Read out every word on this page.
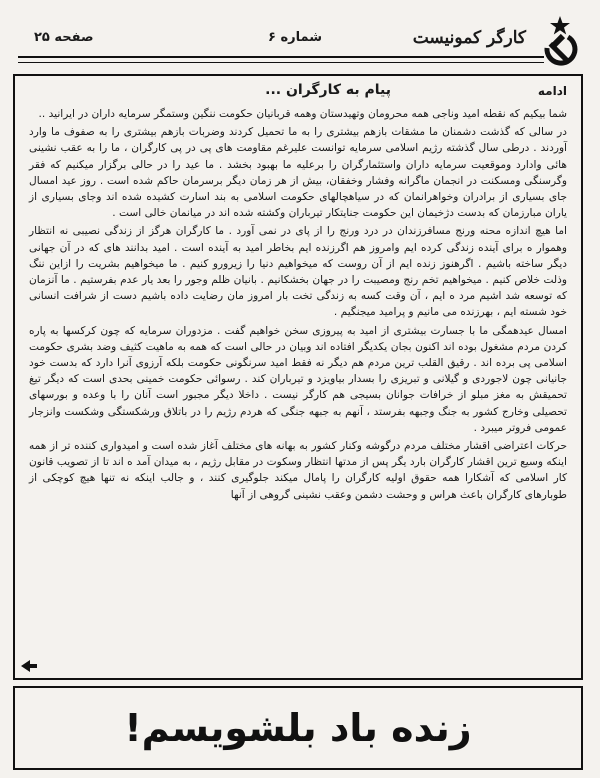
کارگر کمونیست
شماره ۶
صفحه ۲۵
ادامه
پیام به کارگران ...

شما بیکیم که نقطه امید وناجی همه محرومان وتهیدستان وهمه قربانیان حکومت ننگین وستمگر سرمایه داران در ایرانید ..

در سالی که گذشت دشمنان ما مشقات بازهم بیشتری را به ما تحمیل کردند وضربات بازهم بیشتری را به صفوف ما وارد آوردند . درطی سال گذشته رژیم اسلامی سرمایه توانست علیرغم مقاومت های پی در پی کارگران ، ما را به عقب نشینی هائی وادارد وموقعیت سرمایه داران واستثمارگران را برعلیه ما بهبود بخشد . ما عید را در حالی برگزار میکنیم که فقر وگرسنگی ومسکنت در انجمان ماگرانه وفشار وخفقان، بیش از هر زمان دیگر برسرمان حاکم شده است . روز عید امسال جای بسیاری از برادران وخواهرانمان که در سیاهچالهای حکومت اسلامی به بند اسارت کشیده شده اند وجای بسیاری از یاران مبارزمان که بدست دژخیمان این حکومت جنایتکار تیرباران وکشته شده اند در میانمان خالی است .

اما هیچ اندازه محنه ورنج مسافرزندان در درد ورنج را از پای در نمی آورد . ما کارگران هرگز از زندگی نصیبی نه انتظار وهموار ه برای آینده زندگی کرده ایم وامروز هم اگرزنده ایم بخاطر امید به آینده است . امید بدانند های که در آن جهانی دیگر ساخته باشیم . اگرهنوز زنده ایم از آن روست که میخواهیم دنیا را زیرورو کنیم . ما میخواهیم بشریت را ازاین ننگ وذلت خلاص کنیم . میخواهیم تخم رنج ومصیبت را در جهان بخشکانیم . بانیان ظلم وجور را بعد یار عدم بفرستیم . ما آنزمان که توسعه شد اشیم مرد ه ایم ، آن وقت کسه به زندگی تخت بار امروز مان رضایت داده باشیم دست از شرافت انسانی خود شسته ایم ، بهرزنده می مانیم و پرامید میجنگیم .

امسال عیدهمگی ما با جسارت بیشتری از امید به پیروزی سخن خواهیم گفت . مزدوران سرمایه که چون کرکسها به پاره کردن مردم مشغول بوده اند اکنون بجان یکدیگر افتاده اند وبیان در حالی است که همه به ماهیت کثیف وضد بشری حکومت اسلامی پی برده اند . رقیق القلب ترین مردم هم دیگر نه فقط امید سرنگونی حکومت بلکه آرزوی آنرا دارد که بدست خود جانیانی چون لاجوردی و گیلانی و تبریزی را بسدار بیاویزد و تیرباران کند . رسوائی حکومت خمینی بحدی است که دیگر تیغ تحمیقش به مغز مبلو از خرافات جوانان بسیجی هم کارگر نیست . داخلا دیگر مجبور است آنان را با وعده و بورسهای تحصیلی وخارج کشور به جنگ وجبهه بفرستد ، آنهم به جبهه جنگی که هردم رژیم را در باتلاق ورشکستگی وشکست وانزجار عمومی فروتر میبرد .

حرکات اعتراضی اقشار مختلف مردم درگوشه وکنار کشور به بهانه های مختلف آغاز شده است و امیدواری کننده تر از همه اینکه وسیع ترین اقشار کارگران بارد یگر پس از مدتها انتظار وسکوت در مقابل رژیم ، به میدان آمد ه اند تا از تصویب قانون کار اسلامی که آشکارا همه حقوق اولیه کارگران را پامال میکند جلوگیری کنند ، و جالب اینکه نه تنها هیچ کوچکی از طوبارهای کارگران باعث هراس و وحشت دشمن وعقب نشینی گروهی از آنها

زنده باد بلشویسم!
